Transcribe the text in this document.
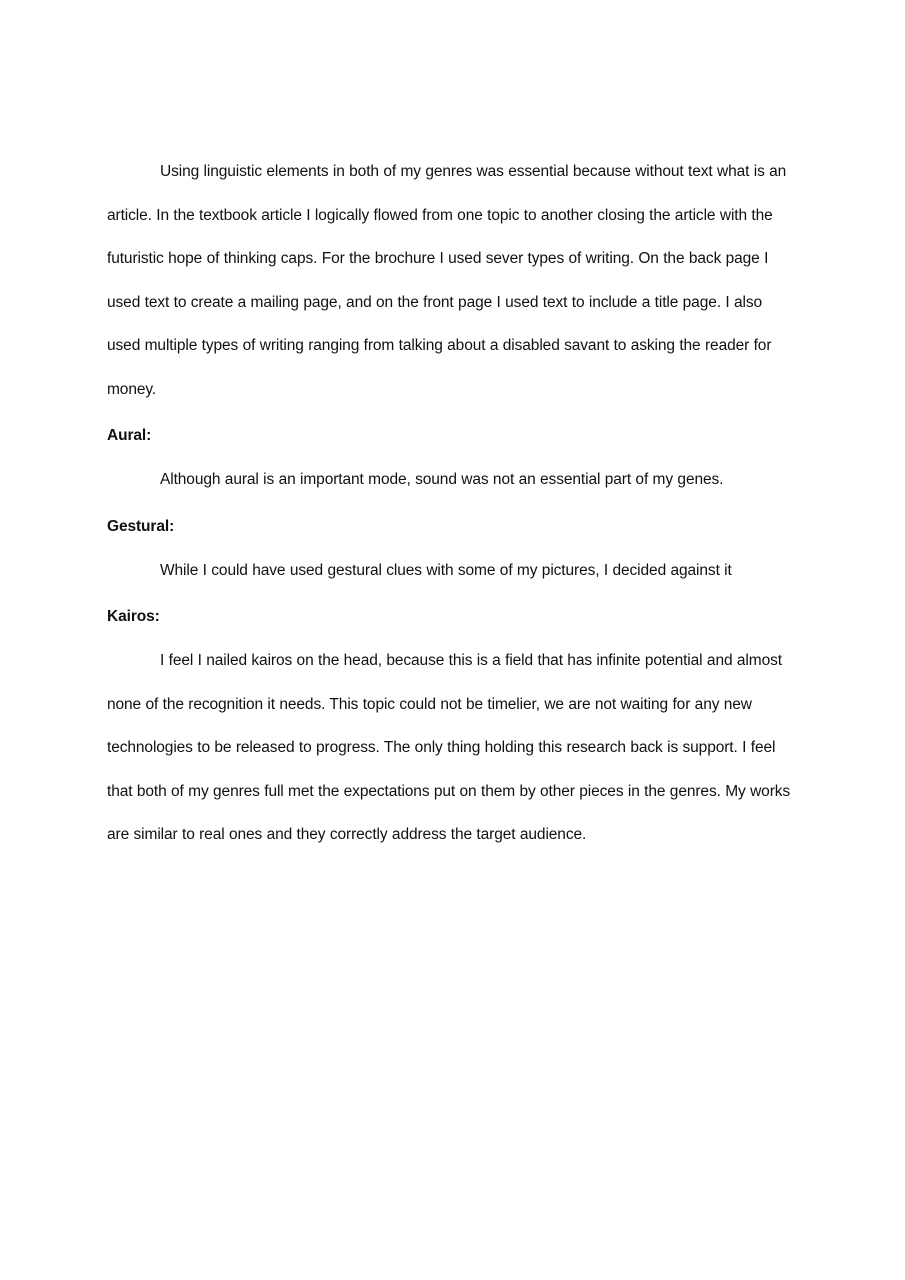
Using linguistic elements in both of my genres was essential because without text what is an article. In the textbook article I logically flowed from one topic to another closing the article with the futuristic hope of thinking caps. For the brochure I used sever types of writing. On the back page I used text to create a mailing page, and on the front page I used text to include a title page. I also used multiple types of writing ranging from talking about a disabled savant to asking the reader for money.

Aural:

Although aural is an important mode, sound was not an essential part of my genes.

Gestural:

While I could have used gestural clues with some of my pictures, I decided against it

Kairos:

I feel I nailed kairos on the head, because this is a field that has infinite potential and almost none of the recognition it needs. This topic could not be timelier, we are not waiting for any new technologies to be released to progress. The only thing holding this research back is support. I feel that both of my genres full met the expectations put on them by other pieces in the genres. My works are similar to real ones and they correctly address the target audience.
